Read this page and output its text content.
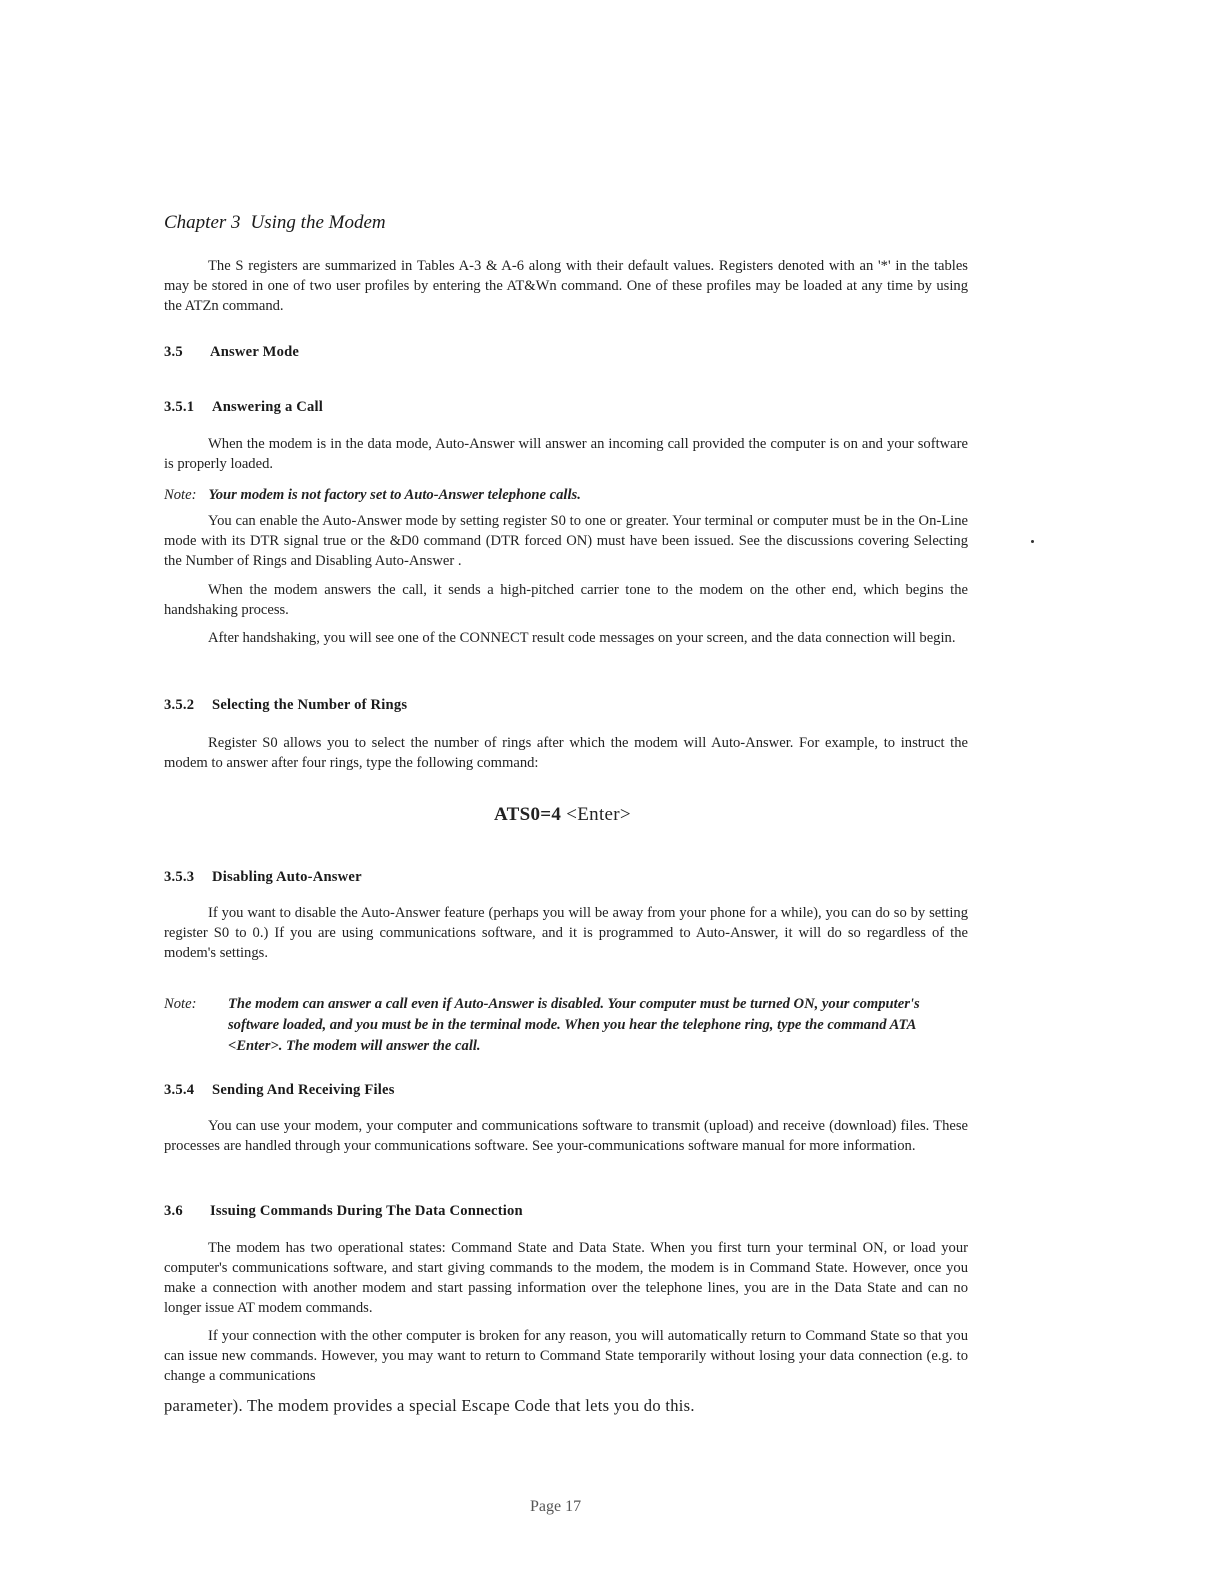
Chapter 3 Using the Modem

The S registers are summarized in Tables A-3 & A-6 along with their default values. Registers denoted with an '*' in the tables may be stored in one of two user profiles by entering the AT&Wn command. One of these profiles may be loaded at any time by using the ATZn command.

3.5 Answer Mode
3.5.1 Answering a Call

When the modem is in the data mode, Auto-Answer will answer an incoming call provided the computer is on and your software is properly loaded.

Note: Your modem is not factory set to Auto-Answer telephone calls.

You can enable the Auto-Answer mode by setting register S0 to one or greater. Your terminal or computer must be in the On-Line mode with its DTR signal true or the &D0 command (DTR forced ON) must have been issued. See the discussions covering Selecting the Number of Rings and Disabling Auto-Answer .

When the modem answers the call, it sends a high-pitched carrier tone to the modem on the other end, which begins the handshaking process.

After handshaking, you will see one of the CONNECT result code messages on your screen, and the data connection will begin.

3.5.2 Selecting the Number of Rings

Register S0 allows you to select the number of rings after which the modem will Auto-Answer. For example, to instruct the modem to answer after four rings, type the following command:

ATS0=4 <Enter>
3.5.3 Disabling Auto-Answer

If you want to disable the Auto-Answer feature (perhaps you will be away from your phone for a while), you can do so by setting register S0 to 0.) If you are using communications software, and it is programmed to Auto-Answer, it will do so regardless of the modem's settings.

Note: The modem can answer a call even if Auto-Answer is disabled. Your computer must be turned ON, your computer's software loaded, and you must be in the terminal mode. When you hear the telephone ring, type the command ATA <Enter>. The modem will answer the call.
3.5.4 Sending And Receiving Files

You can use your modem, your computer and communications software to transmit (upload) and receive (download) files. These processes are handled through your communications software. See your-communications software manual for more information.

3.6 Issuing Commands During The Data Connection

The modem has two operational states: Command State and Data State. When you first turn your terminal ON, or load your computer's communications software, and start giving commands to the modem, the modem is in Command State. However, once you make a connection with another modem and start passing information over the telephone lines, you are in the Data State and can no longer issue AT modem commands.

If your connection with the other computer is broken for any reason, you will automatically return to Command State so that you can issue new commands. However, you may want to return to Command State temporarily without losing your data connection (e.g. to change a communications

parameter). The modem provides a special Escape Code that lets you do this.
Page 17
